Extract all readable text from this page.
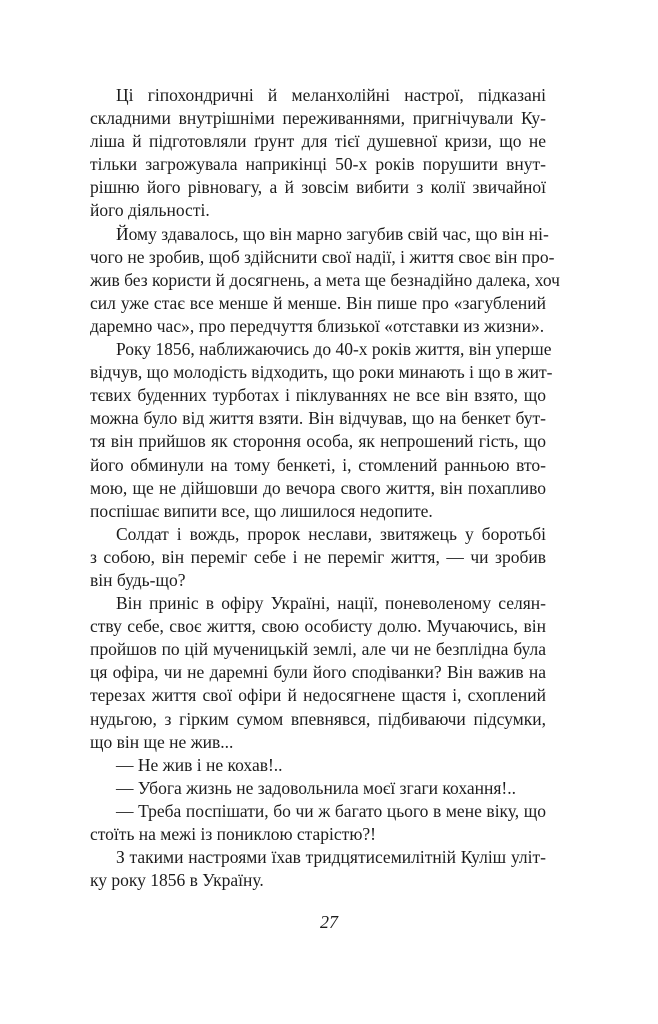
Ці гіпохондричні й меланхолійні настрої, підказані
складними внутрішніми переживаннями, пригнічували Ку-
ліша й підготовляли ґрунт для тієї душевної кризи, що не
тільки загрожувала наприкінці 50-х років порушити внут-
рішню його рівновагу, а й зовсім вибити з колії звичайної
його діяльності.
Йому здавалось, що він марно загубив свій час, що він ні-
чого не зробив, щоб здійснити свої надії, і життя своє він про-
жив без користи й досягнень, а мета ще безнадійно далека, хоч
сил уже стає все менше й менше. Він пише про «загублений
даремно час», про передчуття близької «отставки из жизни».
Року 1856, наближаючись до 40-х років життя, він уперше
відчув, що молодість відходить, що роки минають і що в жит-
тєвих буденних турботах і піклуваннях не все він взято, що
можна було від життя взяти. Він відчував, що на бенкет бут-
тя він прийшов як стороння особа, як непрошений гість, що
його обминули на тому бенкеті, і, стомлений ранньою вто-
мою, ще не дійшовши до вечора свого життя, він похапливо
поспішає випити все, що лишилося недопите.
Солдат і вождь, пророк неслави, звитяжець у боротьбі
з собою, він переміг себе і не переміг життя, — чи зробив
він будь-що?
Він приніс в офіру Україні, нації, поневоленому селян-
ству себе, своє життя, свою особисту долю. Мучаючись, він
пройшов по цій мученицькій землі, але чи не безплідна була
ця офіра, чи не даремні були його сподіванки? Він важив на
терезах життя свої офіри й недосягнене щастя і, схоплений
нудьгою, з гірким сумом впевнявся, підбиваючи підсумки,
що він ще не жив...
— Не жив і не кохав!..
— Убога жизнь не задовольнила моєї згаги кохання!..
— Треба поспішати, бо чи ж багато цього в мене віку, що
стоїть на межі із пониклою старістю?!
З такими настроями їхав тридцятисемилітній Куліш уліт-
ку року 1856 в Україну.
27
